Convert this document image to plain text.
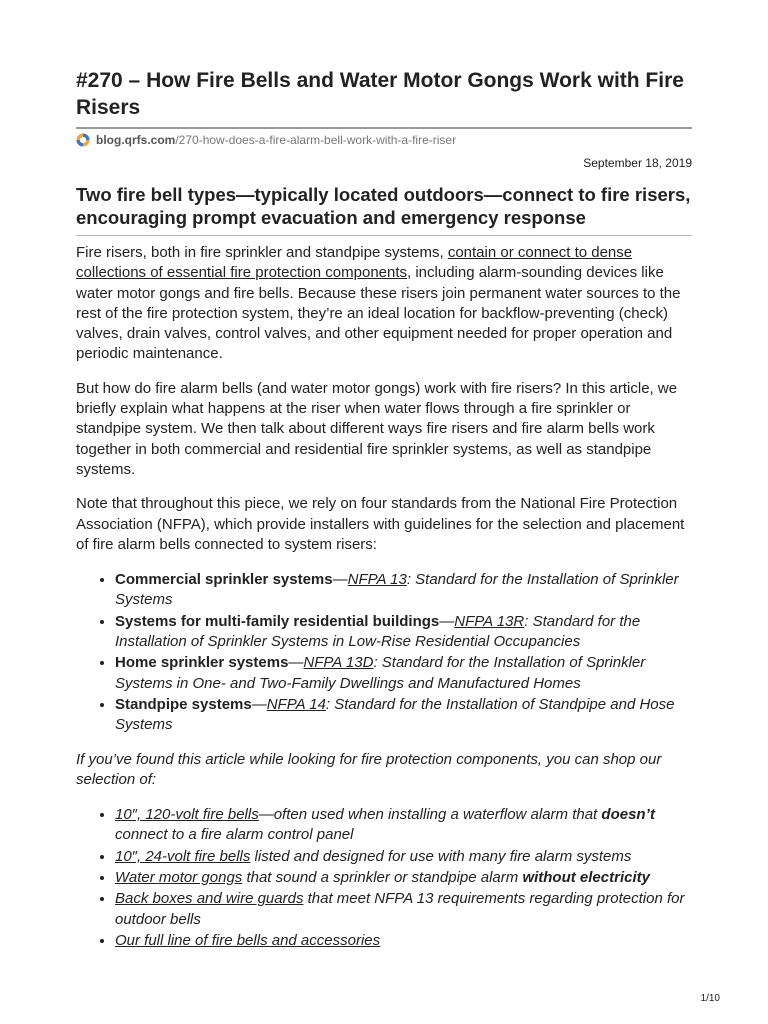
#270 – How Fire Bells and Water Motor Gongs Work with Fire Risers
blog.qrfs.com /270-how-does-a-fire-alarm-bell-work-with-a-fire-riser
September 18, 2019
Two fire bell types—typically located outdoors—connect to fire risers, encouraging prompt evacuation and emergency response

Fire risers, both in fire sprinkler and standpipe systems, contain or connect to dense collections of essential fire protection components, including alarm-sounding devices like water motor gongs and fire bells. Because these risers join permanent water sources to the rest of the fire protection system, they’re an ideal location for backflow-preventing (check) valves, drain valves, control valves, and other equipment needed for proper operation and periodic maintenance.

But how do fire alarm bells (and water motor gongs) work with fire risers? In this article, we briefly explain what happens at the riser when water flows through a fire sprinkler or standpipe system. We then talk about different ways fire risers and fire alarm bells work together in both commercial and residential fire sprinkler systems, as well as standpipe systems.

Note that throughout this piece, we rely on four standards from the National Fire Protection Association (NFPA), which provide installers with guidelines for the selection and placement of fire alarm bells connected to system risers:

• Commercial sprinkler systems—NFPA 13: Standard for the Installation of Sprinkler Systems
• Systems for multi-family residential buildings—NFPA 13R: Standard for the Installation of Sprinkler Systems in Low-Rise Residential Occupancies
• Home sprinkler systems—NFPA 13D: Standard for the Installation of Sprinkler Systems in One- and Two-Family Dwellings and Manufactured Homes
• Standpipe systems—NFPA 14: Standard for the Installation of Standpipe and Hose Systems

If you’ve found this article while looking for fire protection components, you can shop our selection of:

• 10″, 120-volt fire bells—often used when installing a waterflow alarm that doesn’t connect to a fire alarm control panel
• 10″, 24-volt fire bells listed and designed for use with many fire alarm systems
• Water motor gongs that sound a sprinkler or standpipe alarm without electricity
• Back boxes and wire guards that meet NFPA 13 requirements regarding protection for outdoor bells
• Our full line of fire bells and accessories
1/10
